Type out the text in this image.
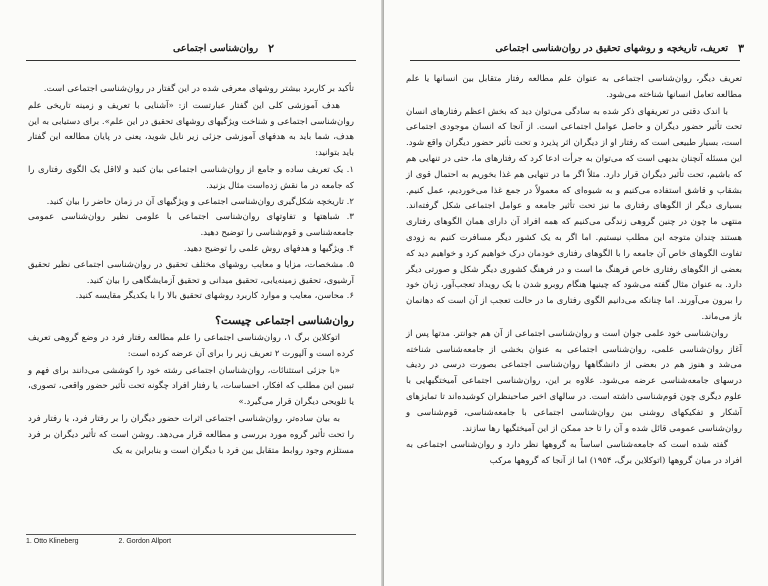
۲
روان‌شناسی اجتماعی

تأکید بر کاربرد بیشتر روشهای معرفی شده در این گفتار در روان‌شناسی اجتماعی است.

هدف آموزشی کلی این گفتار عبارتست از: «آشنایی با تعریف و زمینه تاریخی علم روان‌شناسی اجتماعی و شناخت ویژگیهای روشهای تحقیق در این علم». برای دستیابی به این هدف، شما باید به هدفهای آموزشی جزئی زیر نایل شوید، یعنی در پایان مطالعه این گفتار باید بتوانید:

۱. یک تعریف ساده و جامع از روان‌شناسی اجتماعی بیان کنید و لااقل یک الگوی رفتاری را که جامعه در ما نقش زده‌است مثال بزنید.

۲. تاریخچه شکل‌گیری روان‌شناسی اجتماعی و ویژگیهای آن در زمان حاضر را بیان کنید.

۳. شباهتها و تفاوتهای روان‌شناسی اجتماعی با علومی نظیر روان‌شناسی عمومی جامعه‌شناسی و قوم‌شناسی را توضیح دهید.

۴. ویژگیها و هدفهای روش علمی را توضیح دهید.

۵. مشخصات، مزایا و معایب روشهای مختلف تحقیق در روان‌شناسی اجتماعی نظیر تحقیق آرشیوی، تحقیق زمینه‌یابی، تحقیق میدانی و تحقیق آزمایشگاهی را بیان کنید.

۶. محاسن، معایب و موارد کاربرد روشهای تحقیق بالا را با یکدیگر مقایسه کنید.

روان‌شناسی اجتماعی چیست؟

اتوکلاین برگ ۱، روان‌شناسی اجتماعی را علم مطالعه رفتار فرد در وضع گروهی تعریف کرده است و آلپورت ۲ تعریف زیر را برای آن عرضه کرده است:

«با جزئی استثنائات، روان‌شناسان اجتماعی رشته خود را کوششی می‌دانند برای فهم و تبیین این مطلب که افکار، احساسات، یا رفتار افراد چگونه تحت تأثیر حضور واقعی، تصوری، یا تلویحی دیگران قرار می‌گیرد.»

به بیان ساده‌تر، روان‌شناسی اجتماعی اثرات حضور دیگران را بر رفتار فرد، یا رفتار فرد را تحت تأثیر گروه مورد بررسی و مطالعه قرار می‌دهد. روشن است که تأثیر دیگران بر فرد مستلزم وجود روابط متقابل بین فرد با دیگران است و بنابراین به یک

1. Otto Klineberg	2. Gordon Allport
۳
تعریف، تاریخچه و روشهای تحقیق در روان‌شناسی اجتماعی

تعریف دیگر، روان‌شناسی اجتماعی به عنوان علم مطالعه رفتار متقابل بین انسانها یا علم مطالعه تعامل انسانها شناخته می‌شود.

با اندک دقتی در تعریفهای ذکر شده به سادگی می‌توان دید که بخش اعظم رفتارهای انسان تحت تأثیر حضور دیگران و حاصل عوامل اجتماعی است. از آنجا که انسان موجودی اجتماعی است، بسیار طبیعی است که رفتار او از دیگران اثر پذیرد و تحت تأثیر حضور دیگران واقع شود. این مسئله آنچنان بدیهی است که می‌توان به جرأت ادعا کرد که رفتارهای ما، حتی در تنهایی هم که باشیم، تحت تأثیر دیگران قرار دارد. مثلاً اگر ما در تنهایی هم غذا بخوریم به احتمال قوی از بشقاب و قاشق استفاده می‌کنیم و به شیوه‌ای که معمولاً در جمع غذا می‌خوردیم، عمل کنیم. بسیاری دیگر از الگوهای رفتاری ما نیز تحت تأثیر جامعه و عوامل اجتماعی شکل گرفته‌اند. منتهی ما چون در چنین گروهی زندگی می‌کنیم که همه افراد آن دارای همان الگوهای رفتاری هستند چندان متوجه این مطلب نیستیم. اما اگر به یک کشور دیگر مسافرت کنیم به زودی تفاوت الگوهای خاص آن جامعه را با الگوهای رفتاری خودمان درک خواهیم کرد و خواهیم دید که بعضی از الگوهای رفتاری خاص فرهنگ ما است و در فرهنگ کشوری دیگر شکل و صورتی دیگر دارد. به عنوان مثال گفته می‌شود که چینیها هنگام روبرو شدن با یک رویداد تعجب‌آور، زبان خود را بیرون می‌آورند. اما چنانکه می‌دانیم الگوی رفتاری ما در حالت تعجب از آن است که دهانمان باز می‌ماند.

روان‌شناسی خود علمی جوان است و روان‌شناسی اجتماعی از آن هم جوانتر. مدتها پس از آغاز روان‌شناسی علمی، روان‌شناسی اجتماعی به عنوان بخشی از جامعه‌شناسی شناخته می‌شد و هنوز هم در بعضی از دانشگاهها روان‌شناسی اجتماعی بصورت درسی در ردیف درسهای جامعه‌شناسی عرضه می‌شود. علاوه بر این، روان‌شناسی اجتماعی آمیختگیهایی با علوم دیگری چون قوم‌شناسی داشته است. در سالهای اخیر صاحبنظران کوشیده‌اند تا تمایزهای آشکار و تفکیکهای روشنی بین روان‌شناسی اجتماعی با جامعه‌شناسی، قوم‌شناسی و روان‌شناسی عمومی قائل شده و آن را تا حد ممکن از این آمیختگیها رها سازند.

گفته شده است که جامعه‌شناسی اساساً به گروهها نظر دارد و روان‌شناسی اجتماعی به افراد در میان گروهها (اتوکلاین برگ، ۱۹۵۴) اما از آنجا که گروهها مرکب
